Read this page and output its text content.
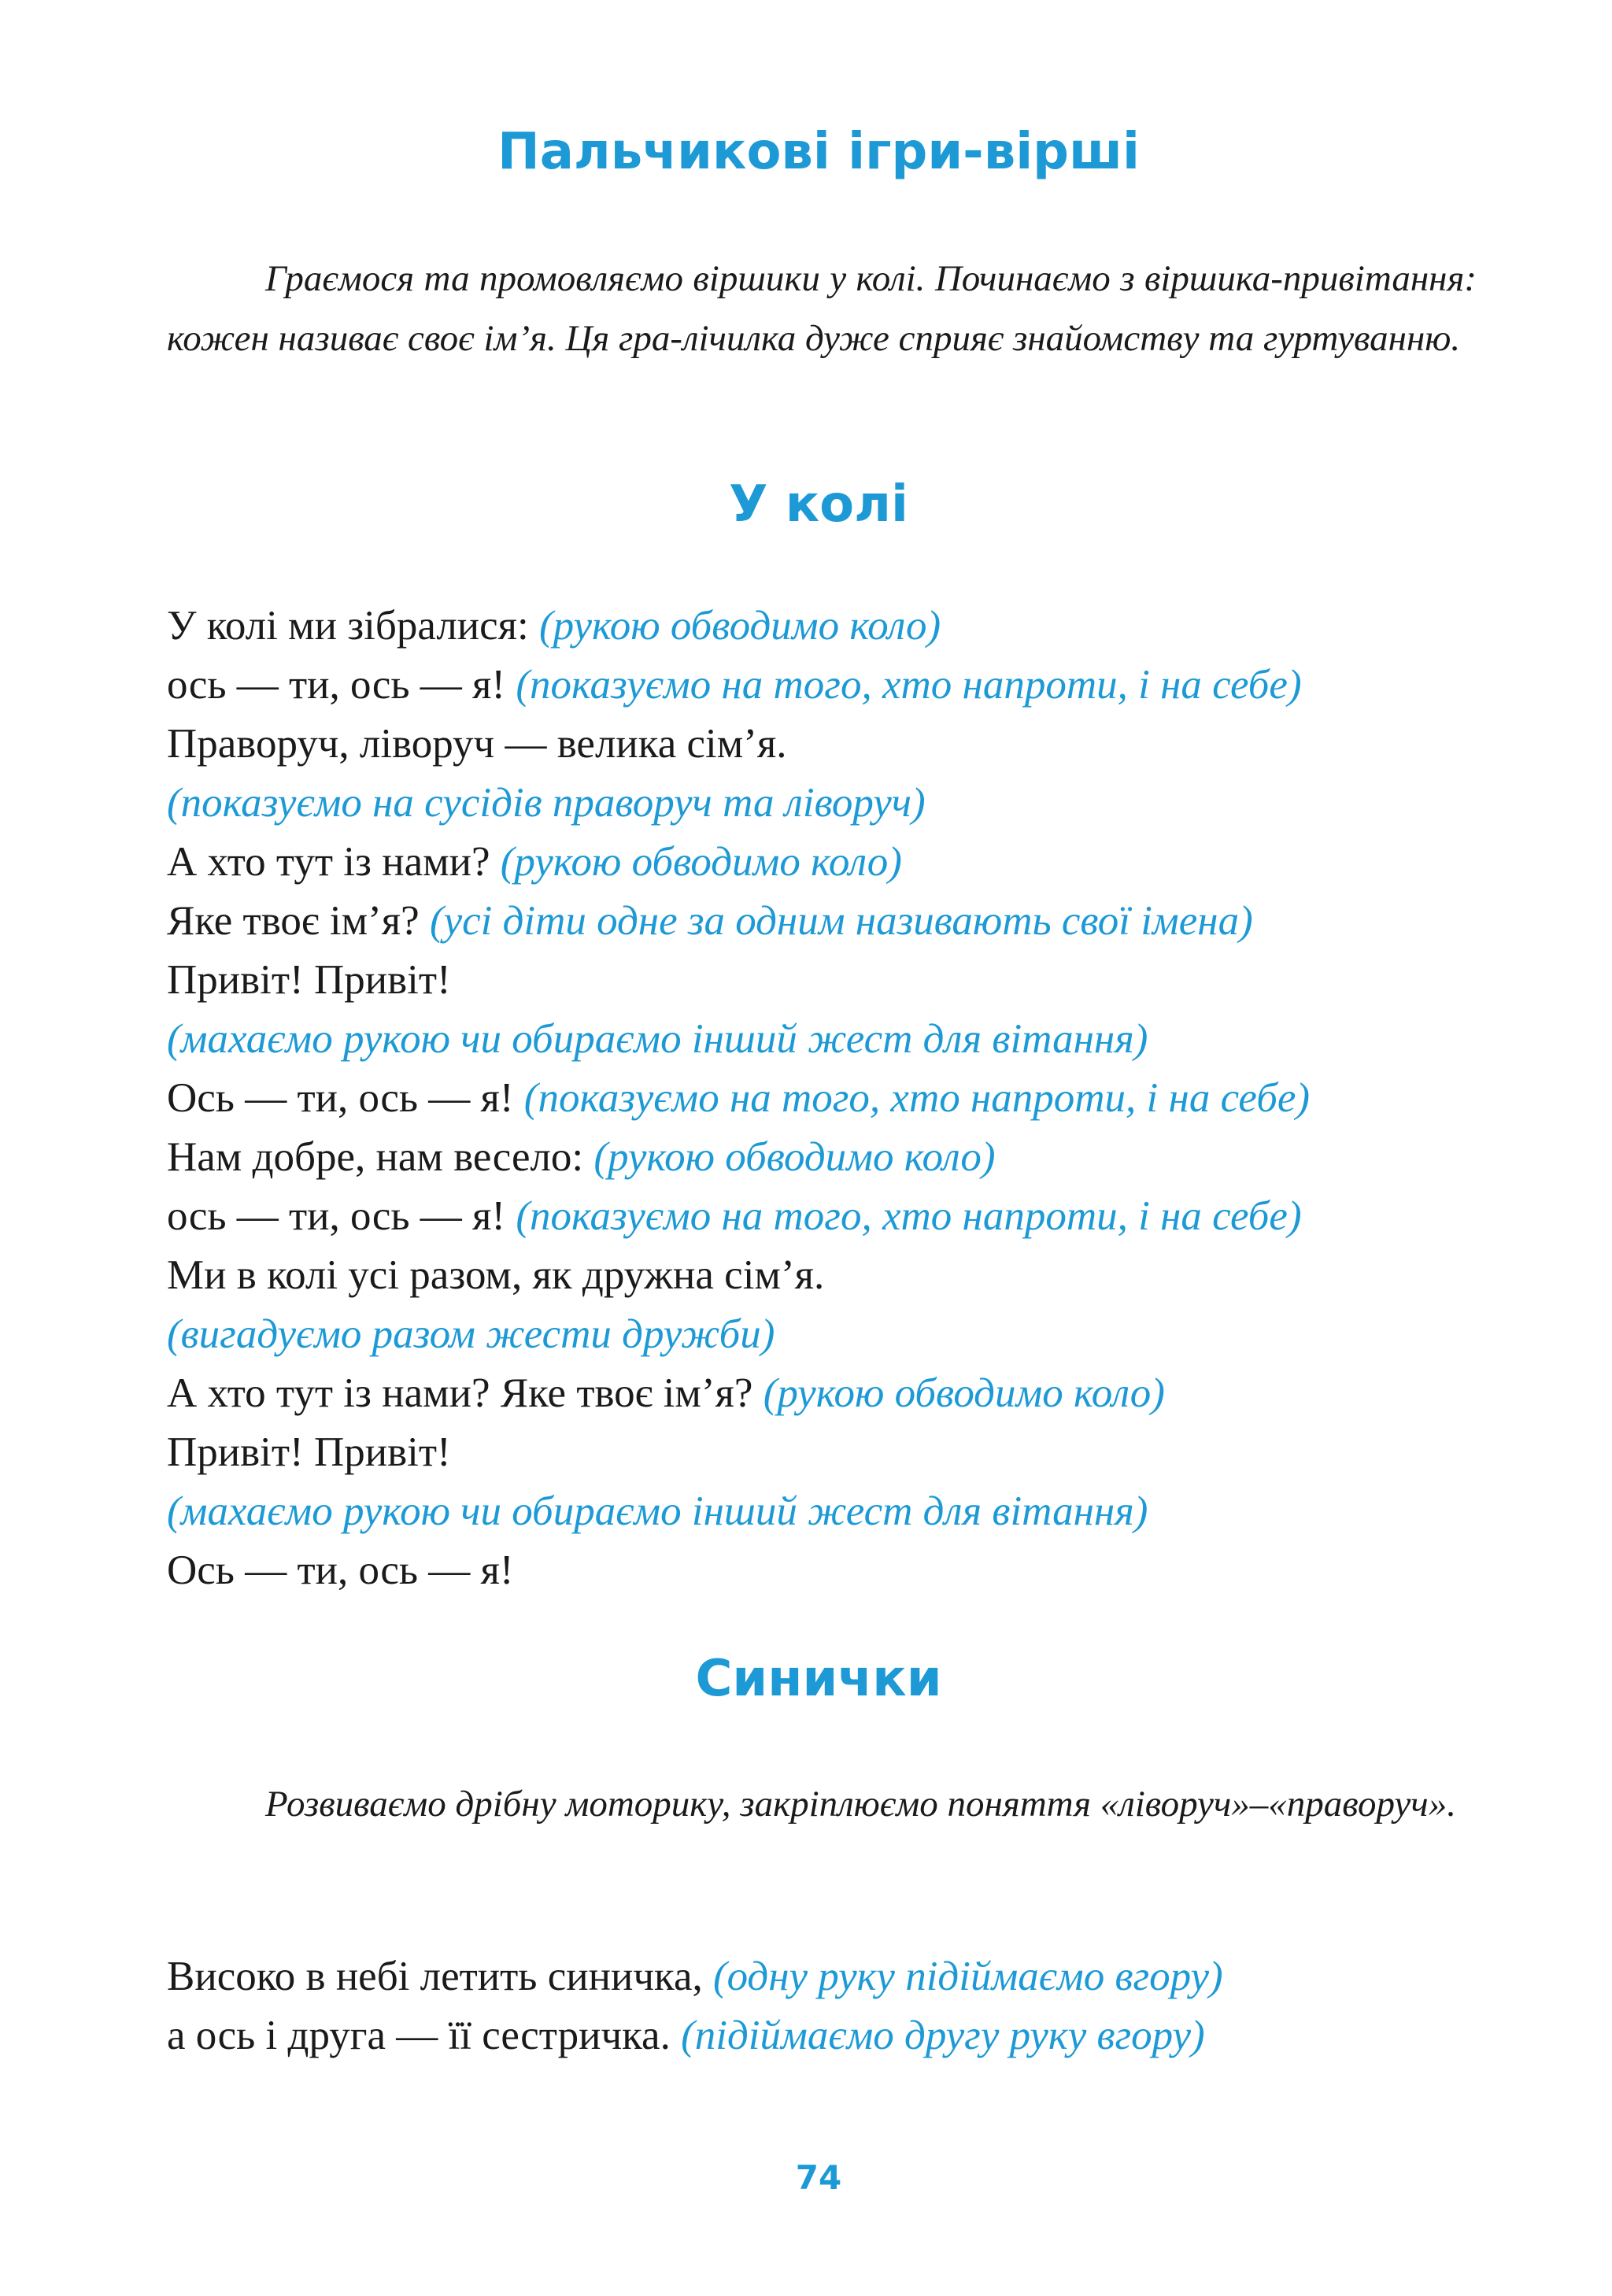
Пальчикові ігри-вірші

Граємося та промовляємо віршики у колі. Починаємо з віршика-привітання: кожен називає своє ім’я. Ця гра-лічилка дуже сприяє знайомству та гуртуванню.

У колі
У колі ми зібралися: (рукою обводимо коло)
ось — ти, ось — я! (показуємо на того, хто напроти, і на себе)
Праворуч, ліворуч — велика сім’я.
(показуємо на сусідів праворуч та ліворуч)
А хто тут із нами? (рукою обводимо коло)
Яке твоє ім’я? (усі діти одне за одним називають свої імена)
Привіт! Привіт!
(махаємо рукою чи обираємо інший жест для вітання)
Ось — ти, ось — я! (показуємо на того, хто напроти, і на себе)
Нам добре, нам весело: (рукою обводимо коло)
ось — ти, ось — я! (показуємо на того, хто напроти, і на себе)
Ми в колі усі разом, як дружна сім’я.
(вигадуємо разом жести дружби)
А хто тут із нами? Яке твоє ім’я? (рукою обводимо коло)
Привіт! Привіт!
(махаємо рукою чи обираємо інший жест для вітання)
Ось — ти, ось — я!
Синички

Розвиваємо дрібну моторику, закріплюємо поняття «ліворуч»–«праворуч».

Високо в небі летить синичка, (одну руку підіймаємо вгору)
а ось і друга — її сестричка. (підіймаємо другу руку вгору)
74
